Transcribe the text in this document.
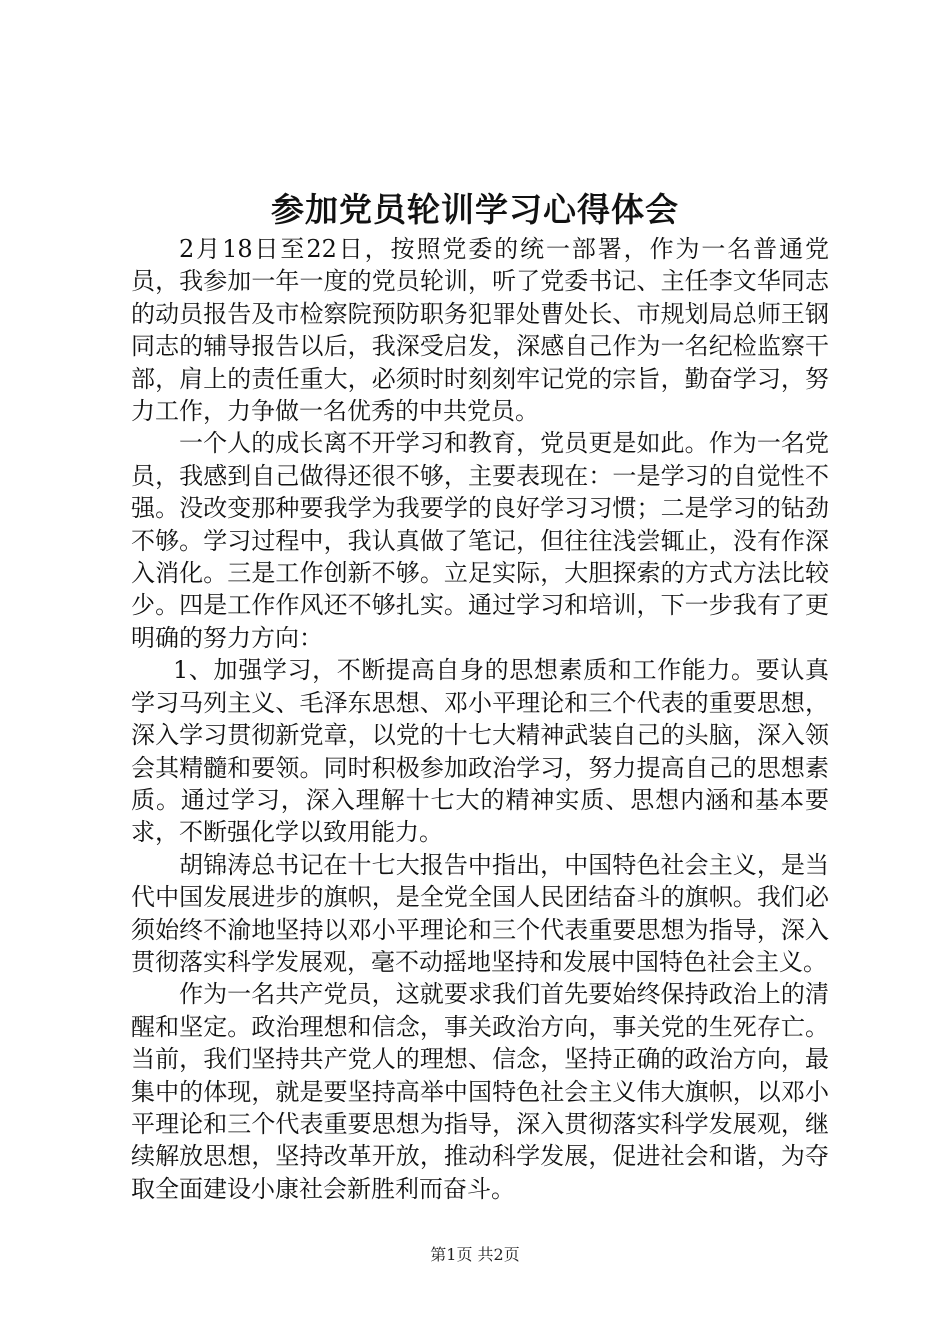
参加党员轮训学习心得体会

2月18日至22日，按照党委的统一部署，作为一名普通党员，我参加一年一度的党员轮训，听了党委书记、主任李文华同志的动员报告及市检察院预防职务犯罪处曹处长、市规划局总师王钢同志的辅导报告以后，我深受启发，深感自己作为一名纪检监察干部，肩上的责任重大，必须时时刻刻牢记党的宗旨，勤奋学习，努力工作，力争做一名优秀的中共党员。

一个人的成长离不开学习和教育，党员更是如此。作为一名党员，我感到自己做得还很不够，主要表现在：一是学习的自觉性不强。没改变那种要我学为我要学的良好学习习惯；二是学习的钻劲不够。学习过程中，我认真做了笔记，但往往浅尝辄止，没有作深入消化。三是工作创新不够。立足实际，大胆探索的方式方法比较少。四是工作作风还不够扎实。通过学习和培训，下一步我有了更明确的努力方向：

1、加强学习，不断提高自身的思想素质和工作能力。要认真学习马列主义、毛泽东思想、邓小平理论和三个代表的重要思想，深入学习贯彻新党章，以党的十七大精神武装自己的头脑，深入领会其精髓和要领。同时积极参加政治学习，努力提高自己的思想素质。通过学习，深入理解十七大的精神实质、思想内涵和基本要求，不断强化学以致用能力。

胡锦涛总书记在十七大报告中指出，中国特色社会主义，是当代中国发展进步的旗帜，是全党全国人民团结奋斗的旗帜。我们必须始终不渝地坚持以邓小平理论和三个代表重要思想为指导，深入贯彻落实科学发展观，毫不动摇地坚持和发展中国特色社会主义。

作为一名共产党员，这就要求我们首先要始终保持政治上的清醒和坚定。政治理想和信念，事关政治方向，事关党的生死存亡。当前，我们坚持共产党人的理想、信念，坚持正确的政治方向，最集中的体现，就是要坚持高举中国特色社会主义伟大旗帜，以邓小平理论和三个代表重要思想为指导，深入贯彻落实科学发展观，继续解放思想，坚持改革开放，推动科学发展，促进社会和谐，为夺取全面建设小康社会新胜利而奋斗。

第1页 共2页
